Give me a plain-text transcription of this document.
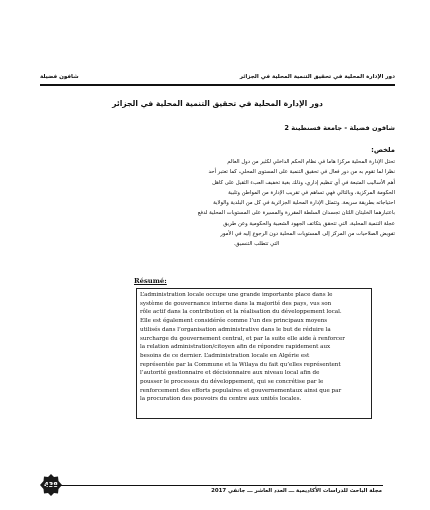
دور الإدارة المحلية في تحقيق التنمية المحلية في الجزائر
شافون فضيلة
دور الإدارة المحلية في تحقيق التنمية المحلية في الجزائر
شافون فضيلة - جامعة قسنطينة 2
ملخص:
تحتل الإدارة المحلية مركزا هاما في نظام الحكم الداخلي لكثير من دول العالم
نظرا لما تقوم به من دور فعال في تحقيق التنمية على المستوى المحلي، كما تعتبر أحد
أهم الأساليب المتبعة في أي تنظيم إداري، وذلك بغية تخفيف العبء الثقيل على كاهل
الحكومة المركزية، وبالتالي فهي تساهم في تقريب الإدارة من المواطن وتلبية
احتياجاته بطريقة سريعة. وتتمثل الإدارة المحلية الجزائرية في كل من البلدية والولاية
باعتبارهما الخليتان اللتان تجسدان السلطة المقررة والمسيرة على المستويات المحلية لدفع
عجلة التنمية المحلية، التي تتحقق بتكاتف الجهود الشعبية والحكومية وعن طريق
تفويض الصلاحيات من المركز إلى المستويات المحلية دون الرجوع إليه في الأمور
التي تتطلب التنسيق.
Résumé:
L’administration locale occupe une grande importante place dans le
système de gouvernance interne dans la majorité des pays, vus son
rôle actif dans la contribution et la réalisation du développement local.
Elle est également considérée comme l’un des principaux moyens
utilisés dans l’organisation administrative dans le but de réduire la
surcharge du gouvernement central, et par la suite elle aide à renforcer
la relation administration/citoyen afin de répondre rapidement aux
besoins de ce dernier. L’administration locale en Algérie est
représentée par la Commune et la Wilaya du fait qu’elles représentent
l’autorité gestionnaire et décisionnaire aux niveau local afin de
pousser le processus du développement, qui se concrétise par le
renforcement des efforts populaires et gouvernementaux ainsi que par
la procuration des pouvoirs du centre aux unités locales.
مجلة الباحث للدراسات الأكاديمية ـــ العدد العاشر ـــ جانفي 2017
